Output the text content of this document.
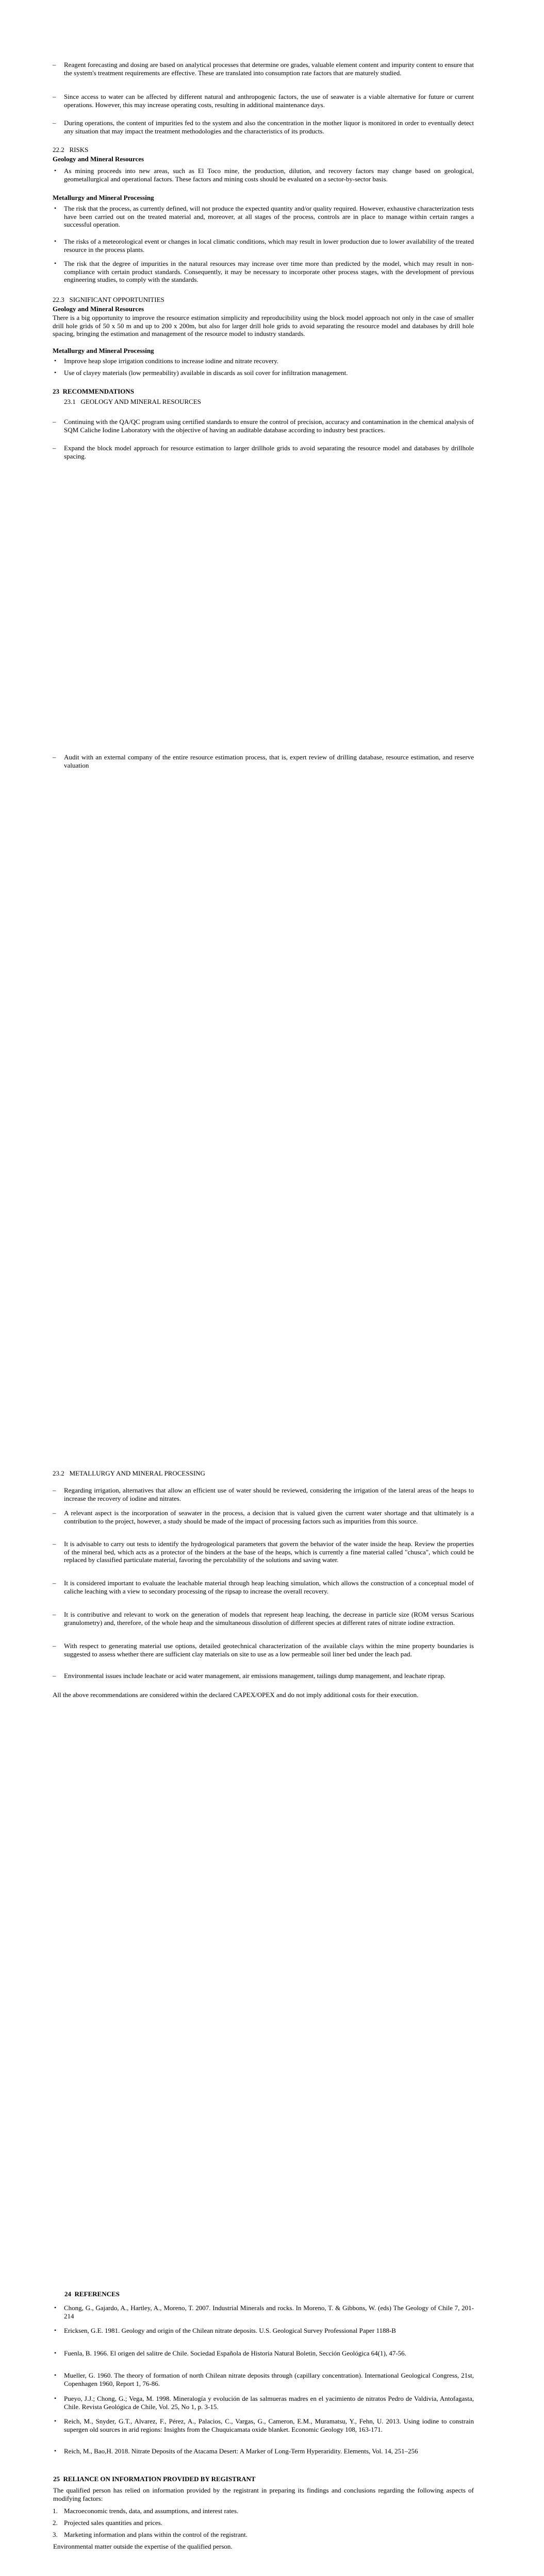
– Reagent forecasting and dosing are based on analytical processes that determine ore grades, valuable element content and impurity content to ensure that the system's treatment requirements are effective. These are translated into consumption rate factors that are maturely studied.
– Since access to water can be affected by different natural and anthropogenic factors, the use of seawater is a viable alternative for future or current operations. However, this may increase operating costs, resulting in additional maintenance days.
– During operations, the content of impurities fed to the system and also the concentration in the mother liquor is monitored in order to eventually detect any situation that may impact the treatment methodologies and the characteristics of its products.
22.2   RISKS
Geology and Mineral Resources
• As mining proceeds into new areas, such as El Toco mine, the production, dilution, and recovery factors may change based on geological, geometallurgical and operational factors. These factors and mining costs should be evaluated on a sector-by-sector basis.
Metallurgy and Mineral Processing
• The risk that the process, as currently defined, will not produce the expected quantity and/or quality required. However, exhaustive characterization tests have been carried out on the treated material and, moreover, at all stages of the process, controls are in place to manage within certain ranges a successful operation.
• The risks of a meteorological event or changes in local climatic conditions, which may result in lower production due to lower availability of the treated resource in the process plants.
• The risk that the degree of impurities in the natural resources may increase over time more than predicted by the model, which may result in non-compliance with certain product standards. Consequently, it may be necessary to incorporate other process stages, with the development of previous engineering studies, to comply with the standards.
22.3   SIGNIFICANT OPPORTUNITIES
Geology and Mineral Resources
There is a big opportunity to improve the resource estimation simplicity and reproducibility using the block model approach not only in the case of smaller drill hole grids of 50 x 50 m and up to 200 x 200m, but also for larger drill hole grids to avoid separating the resource model and databases by drill hole spacing, bringing the estimation and management of the resource model to industry standards.
Metallurgy and Mineral Processing
• Improve heap slope irrigation conditions to increase iodine and nitrate recovery.
• Use of clayey materials (low permeability) available in discards as soil cover for infiltration management.
23  RECOMMENDATIONS
23.1   GEOLOGY AND MINERAL RESOURCES
– Continuing with the QA/QC program using certified standards to ensure the control of precision, accuracy and contamination in the chemical analysis of SQM Caliche Iodine Laboratory with the objective of having an auditable database according to industry best practices.
– Expand the block model approach for resource estimation to larger drillhole grids to avoid separating the resource model and databases by drillhole spacing.
– Audit with an external company of the entire resource estimation process, that is, expert review of drilling database, resource estimation, and reserve valuation
23.2   METALLURGY AND MINERAL PROCESSING
– Regarding irrigation, alternatives that allow an efficient use of water should be reviewed, considering the irrigation of the lateral areas of the heaps to increase the recovery of iodine and nitrates.
– A relevant aspect is the incorporation of seawater in the process, a decision that is valued given the current water shortage and that ultimately is a contribution to the project, however, a study should be made of the impact of processing factors such as impurities from this source.
– It is advisable to carry out tests to identify the hydrogeological parameters that govern the behavior of the water inside the heap. Review the properties of the mineral bed, which acts as a protector of the binders at the base of the heaps, which is currently a fine material called "chusca", which could be replaced by classified particulate material, favoring the percolability of the solutions and saving water.
– It is considered important to evaluate the leachable material through heap leaching simulation, which allows the construction of a conceptual model of caliche leaching with a view to secondary processing of the ripsap to increase the overall recovery.
– It is contributive and relevant to work on the generation of models that represent heap leaching, the decrease in particle size (ROM versus Scarious granulometry) and, therefore, of the whole heap and the simultaneous dissolution of different species at different rates of nitrate iodine extraction.
– With respect to generating material use options, detailed geotechnical characterization of the available clays within the mine property boundaries is suggested to assess whether there are sufficient clay materials on site to use as a low permeable soil liner bed under the leach pad.
– Environmental issues include leachate or acid water management, air emissions management, tailings dump management, and leachate riprap.
All the above recommendations are considered within the declared CAPEX/OPEX and do not imply additional costs for their execution.
24  REFERENCES
• Chong, G., Gajardo, A., Hartley, A., Moreno, T. 2007. Industrial Minerals and rocks. In Moreno, T. & Gibbons, W. (eds) The Geology of Chile 7, 201-214
• Ericksen, G.E. 1981. Geology and origin of the Chilean nitrate deposits. U.S. Geological Survey Professional Paper 1188-B
• Fuenla, B. 1966. El origen del salitre de Chile. Sociedad Española de Historia Natural Boletin, Sección Geológica 64(1), 47-56.
• Mueller, G. 1960. The theory of formation of north Chilean nitrate deposits through (capillary concentration). International Geological Congress, 21st, Copenhagen 1960, Report 1, 76-86.
• Pueyo, J.J.; Chong, G.; Vega, M. 1998. Mineralogía y evolución de las salmueras madres en el yacimiento de nitratos Pedro de Valdivia, Antofagasta, Chile. Revista Geológica de Chile, Vol. 25, No 1, p. 3-15.
• Reich, M., Snyder, G.T., Alvarez, F., Pérez, A., Palacios, C., Vargas, G., Cameron, E.M., Muramatsu, Y., Fehn, U. 2013. Using iodine to constrain supergen old sources in arid regions: Insights from the Chuquicamata oxide blanket. Economic Geology 108, 163-171.
• Reich, M., Bao,H. 2018. Nitrate Deposits of the Atacama Desert: A Marker of Long-Term Hyperaridity. Elements, Vol. 14, 251–256
25  RELIANCE ON INFORMATION PROVIDED BY REGISTRANT
The qualified person has relied on information provided by the registrant in preparing its findings and conclusions regarding the following aspects of modifying factors:
1. Macroeconomic trends, data, and assumptions, and interest rates.
2. Projected sales quantities and prices.
3. Marketing information and plans within the control of the registrant.
Environmental matter outside the expertise of the qualified person.
